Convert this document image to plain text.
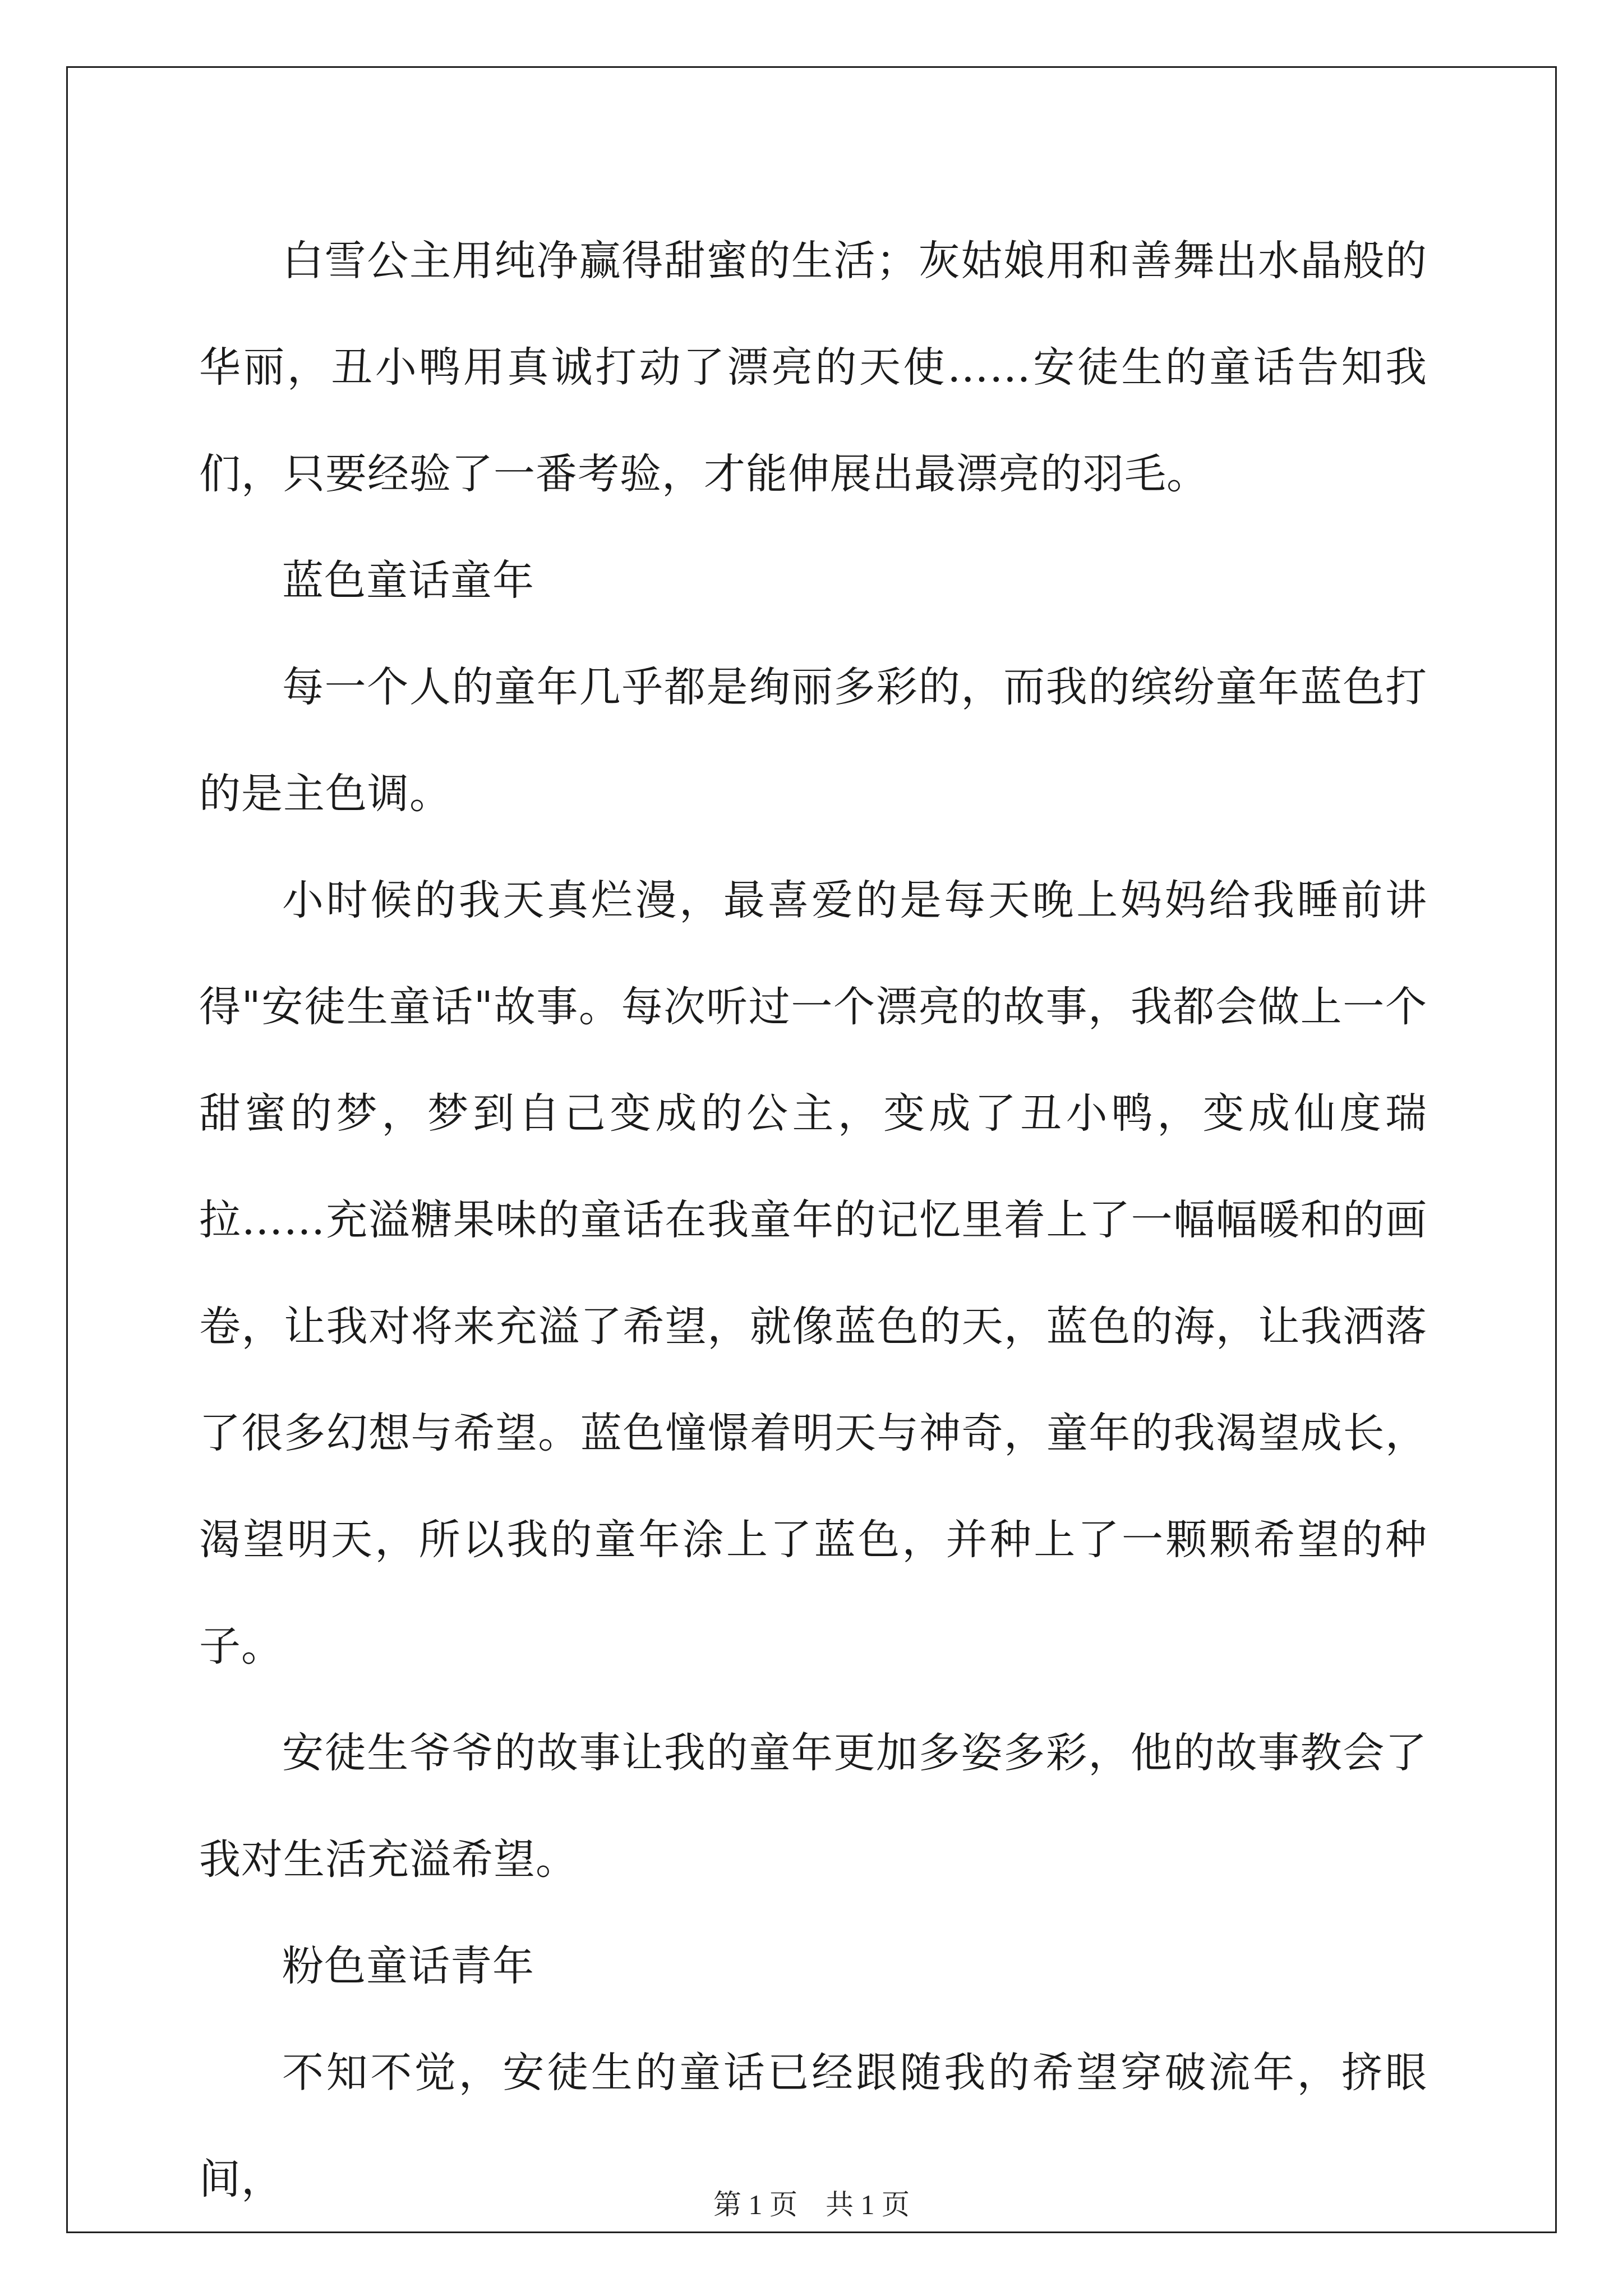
白雪公主用纯净赢得甜蜜的生活；灰姑娘用和善舞出水晶般的华丽，丑小鸭用真诚打动了漂亮的天使……安徒生的童话告知我们，只要经验了一番考验，才能伸展出最漂亮的羽毛。

蓝色童话童年

每一个人的童年几乎都是绚丽多彩的，而我的缤纷童年蓝色打的是主色调。

小时候的我天真烂漫，最喜爱的是每天晚上妈妈给我睡前讲得"安徒生童话"故事。每次听过一个漂亮的故事，我都会做上一个甜蜜的梦，梦到自己变成的公主，变成了丑小鸭，变成仙度瑞拉……充溢糖果味的童话在我童年的记忆里着上了一幅幅暖和的画卷，让我对将来充溢了希望，就像蓝色的天，蓝色的海，让我洒落了很多幻想与希望。蓝色憧憬着明天与神奇，童年的我渴望成长，渴望明天，所以我的童年涂上了蓝色，并种上了一颗颗希望的种子。

安徒生爷爷的故事让我的童年更加多姿多彩，他的故事教会了我对生活充溢希望。

粉色童话青年

不知不觉，安徒生的童话已经跟随我的希望穿破流年，挤眼间，

第 1 页　共 1 页
